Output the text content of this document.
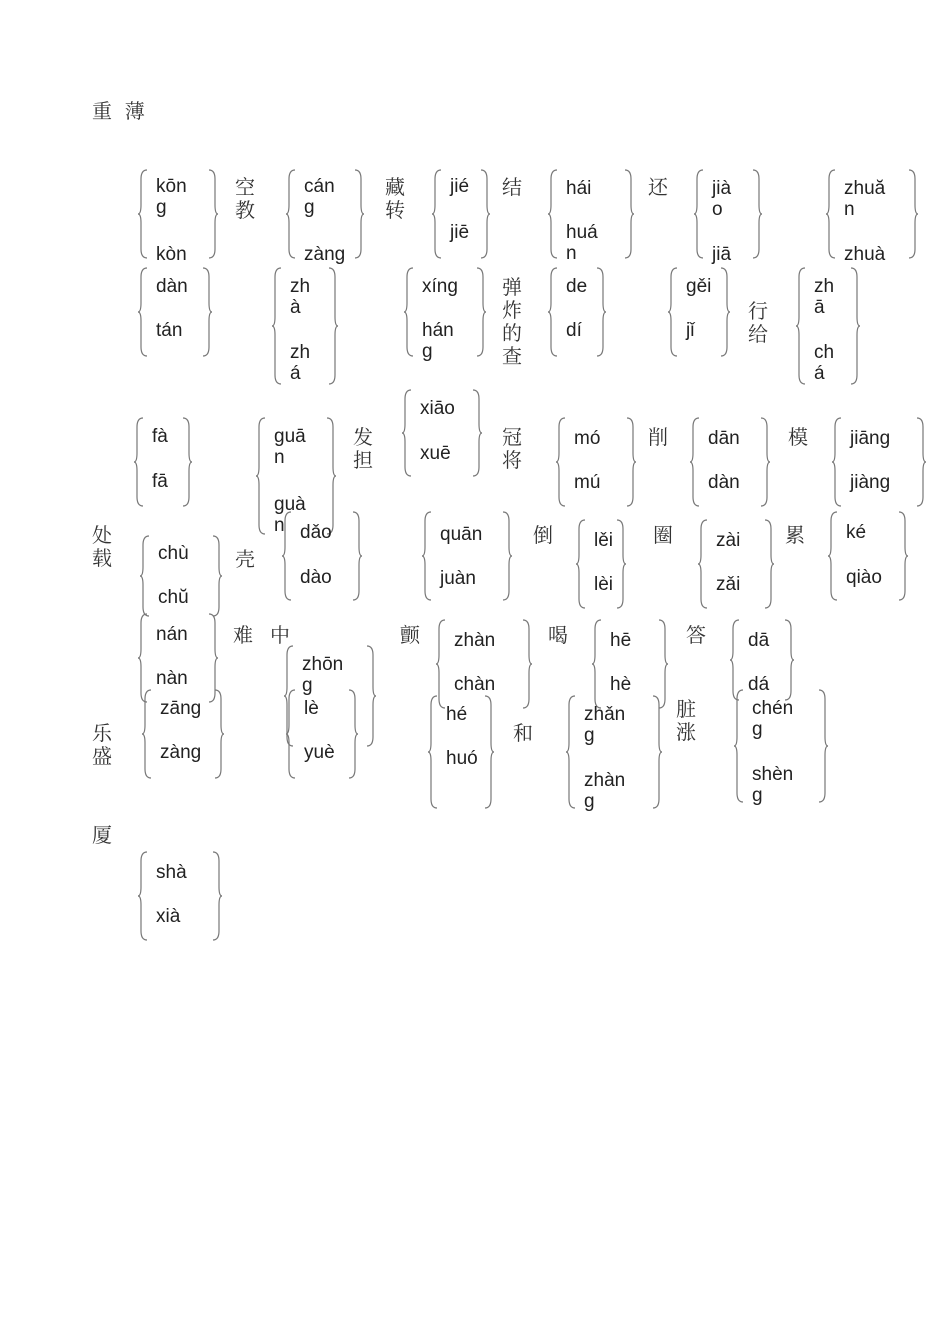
重  薄
空
教
藏
转
结	还
弹
炸
的
查
行
给
发
担
冠
将
削	模
处
载	壳
倒	圈	累
难 中	颤	喝	答
乐
盛
和
脏
涨
厦
kōn
g
kòn
cán
g
zàng
jié
jiē
hái
huá
n
jià
o
jiā
zhuă
n
zhuà
dàn
tán
zh
à
zh
á
xíng
hán
g
de
dí
gěi
jǐ
zh
ā
ch
á
xiāo
xuē
fà
fā
guā
n
guà
n
mó
mú
dān
dàn
jiāng
jiàng
chù
chŭ
dǎo
dào
quān
juàn
lěi
lèi
zài
zǎi
ké
qiào
nán
nàn
zhōn
g
zhàn
chàn
hē
hè
dā
dá
zāng
zàng
lè
yuè
hé
huó
zhǎn
g
zhàn
g
chén
g
shèn
g
shà
xià
